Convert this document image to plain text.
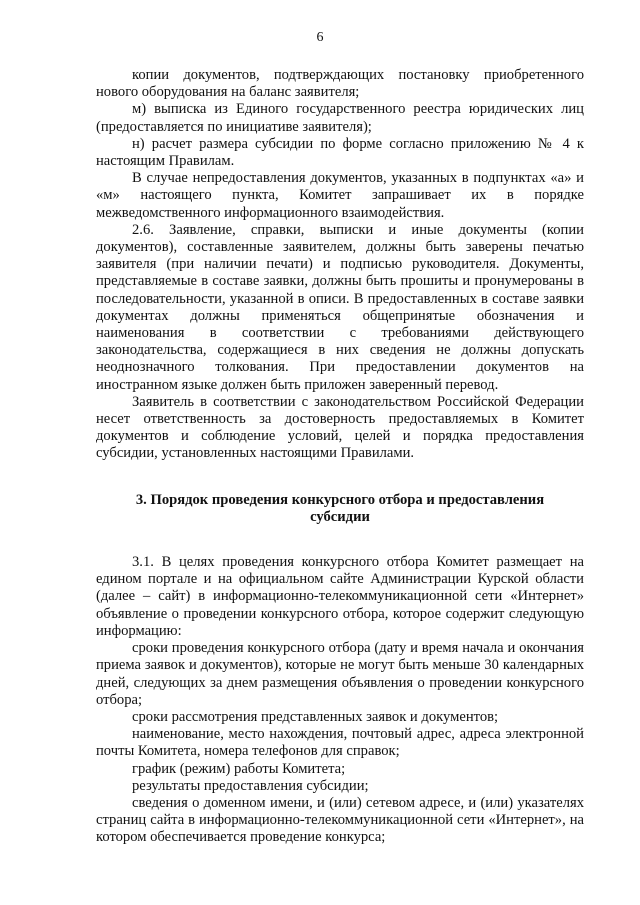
6

копии документов, подтверждающих постановку приобретенного нового оборудования на баланс заявителя;

м) выписка из Единого государственного реестра юридических лиц (предоставляется по инициативе заявителя);

н) расчет размера субсидии по форме согласно приложению № 4 к настоящим Правилам.

В случае непредоставления документов, указанных в подпунктах «а» и «м» настоящего пункта, Комитет запрашивает их в порядке межведомственного информационного взаимодействия.

2.6. Заявление, справки, выписки и иные документы (копии документов), составленные заявителем, должны быть заверены печатью заявителя (при наличии печати) и подписью руководителя. Документы, представляемые в составе заявки, должны быть прошиты и пронумерованы в последовательности, указанной в описи. В предоставленных в составе заявки документах должны применяться общепринятые обозначения и наименования в соответствии с требованиями действующего законодательства, содержащиеся в них сведения не должны допускать неоднозначного толкования. При предоставлении документов на иностранном языке должен быть приложен заверенный перевод.

Заявитель в соответствии с законодательством Российской Федерации несет ответственность за достоверность предоставляемых в Комитет документов и соблюдение условий, целей и порядка предоставления субсидии, установленных настоящими Правилами.

3. Порядок проведения конкурсного отбора и предоставления
субсидии

3.1. В целях проведения конкурсного отбора Комитет размещает на едином портале и на официальном сайте Администрации Курской области (далее – сайт) в информационно-телекоммуникационной сети «Интернет» объявление о проведении конкурсного отбора, которое содержит следующую информацию:

сроки проведения конкурсного отбора (дату и время начала и окончания приема заявок и документов), которые не могут быть меньше 30 календарных дней, следующих за днем размещения объявления о проведении конкурсного отбора;

сроки рассмотрения представленных заявок и документов;

наименование, место нахождения, почтовый адрес, адреса электронной почты Комитета, номера телефонов для справок;

график (режим) работы Комитета;

результаты предоставления субсидии;

сведения о доменном имени, и (или) сетевом адресе, и (или) указателях страниц сайта в информационно-телекоммуникационной сети «Интернет», на котором обеспечивается проведение конкурса;
